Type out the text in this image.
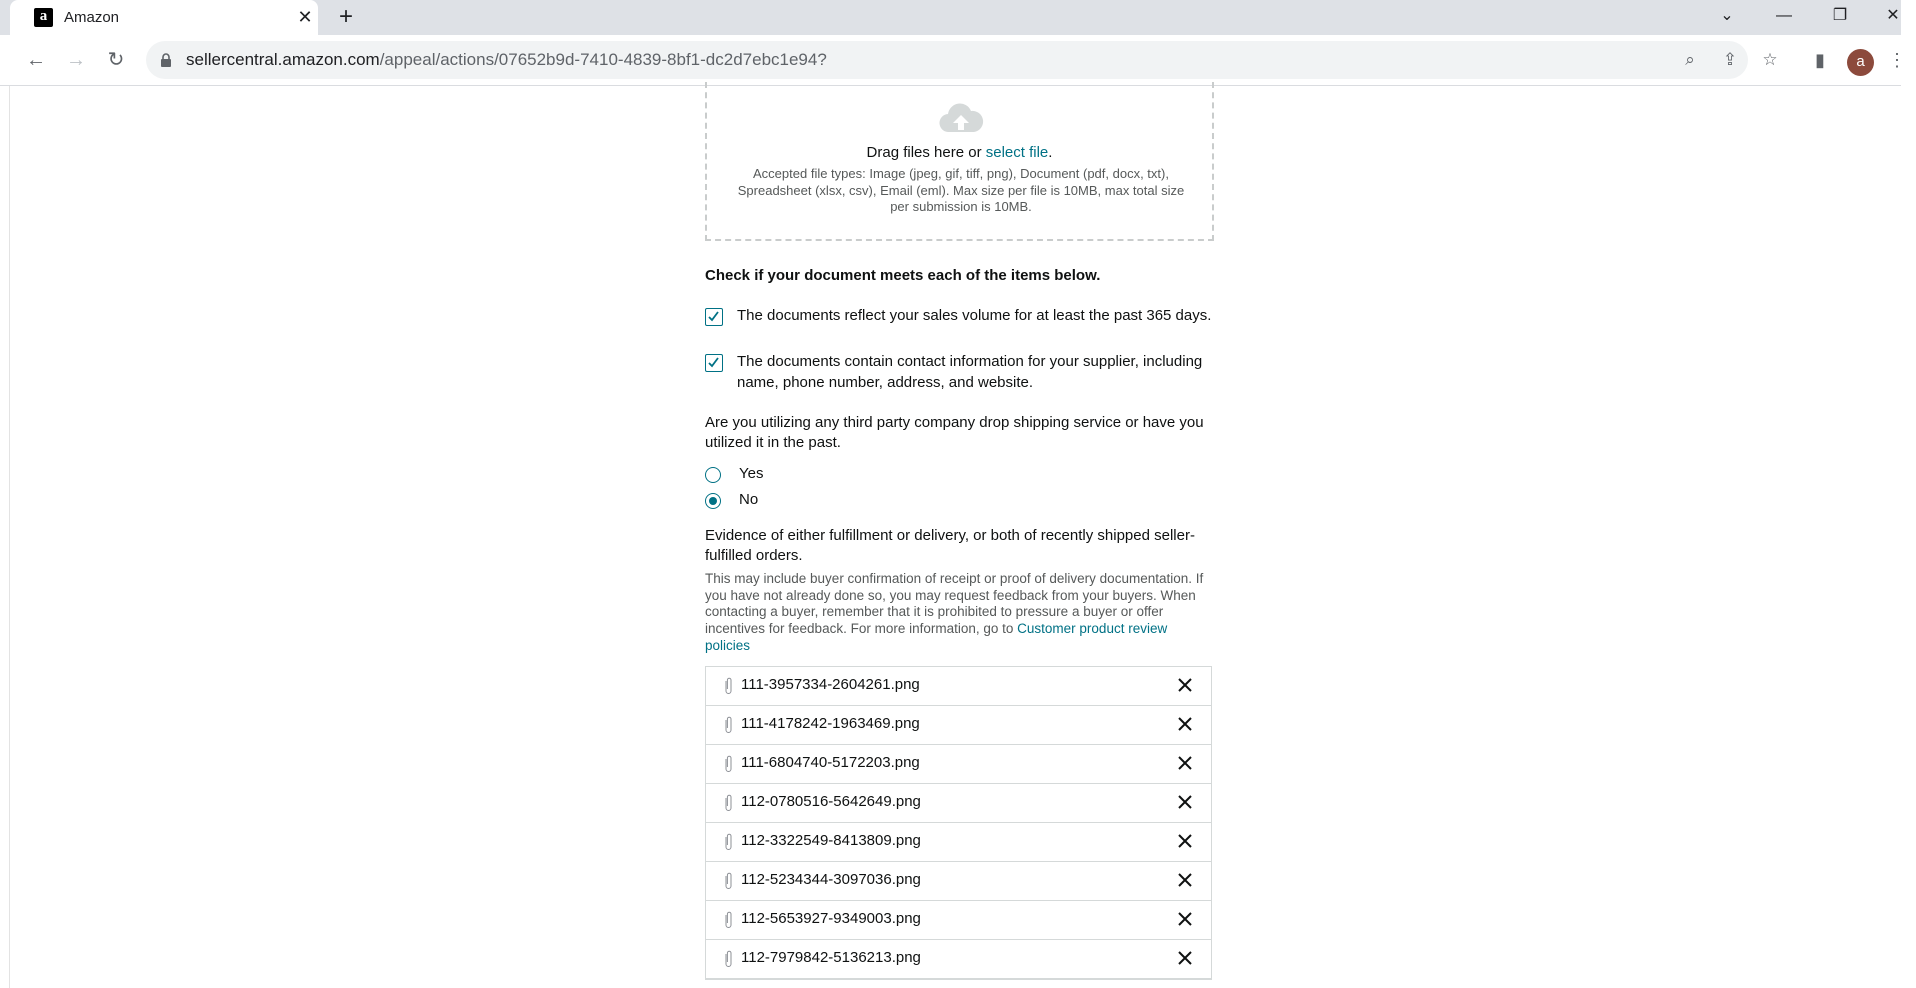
a	Amazon	✕ +	⌄	—	❐	✕
←	→	↻	sellercentral.amazon.com/appeal/actions/07652b9d-7410-4839-8bf1-dc2d7ebc1e94?	⌕	⇪ ☆	▮	a	⋮
Drag files here or select file.
Accepted file types: Image (jpeg, gif, tiff, png), Document (pdf, docx, txt), Spreadsheet (xlsx, csv), Email (eml). Max size per file is 10MB, max total size per submission is 10MB.
Check if your document meets each of the items below.
The documents reflect your sales volume for at least the past 365 days.
The documents contain contact information for your supplier, including name, phone number, address, and website.
Are you utilizing any third party company drop shipping service or have you utilized it in the past.
Yes
No
Evidence of either fulfillment or delivery, or both of recently shipped seller-fulfilled orders.
This may include buyer confirmation of receipt or proof of delivery documentation. If you have not already done so, you may request feedback from your buyers. When contacting a buyer, remember that it is prohibited to pressure a buyer or offer incentives for feedback. For more information, go to Customer product review policies
111-3957334-2604261.png
111-4178242-1963469.png
111-6804740-5172203.png
112-0780516-5642649.png
112-3322549-8413809.png
112-5234344-3097036.png
112-5653927-9349003.png
112-7979842-5136213.png
